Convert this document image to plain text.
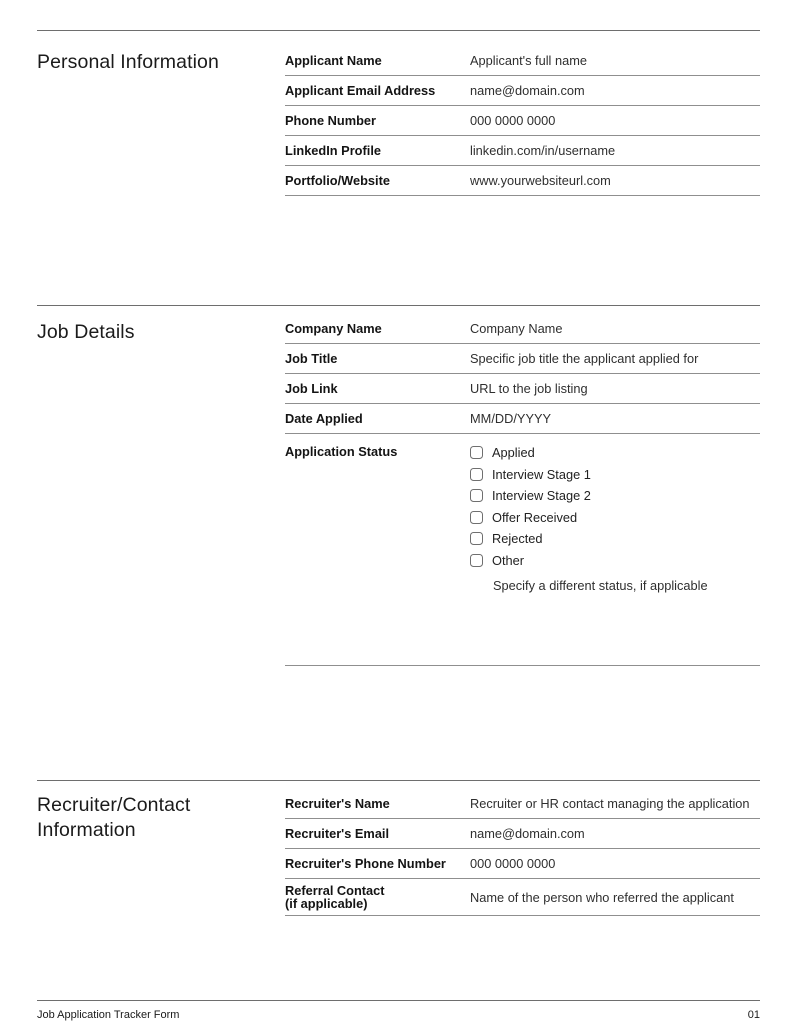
Personal Information	Applicant Name	Applicant's full name
Applicant Email Address	name@domain.com
Phone Number	000 0000 0000
LinkedIn Profile	linkedin.com/in/username
Portfolio/Website	www.yourwebsiteurl.com
Job Details	Company Name	Company Name
Job Title	Specific job title the applicant applied for
Job Link	URL to the job listing
Date Applied	MM/DD/YYYY
Application Status	Applied
Interview Stage 1
Interview Stage 2
Offer Received
Rejected
Other
Specify a different status, if applicable
Recruiter/Contact Information
Recruiter's Name	Recruiter or HR contact managing the application
Recruiter's Email	name@domain.com
Recruiter's Phone Number	000 0000 0000
Referral Contact
(if applicable)	Name of the person who referred the applicant
Job Application Tracker Form	01
